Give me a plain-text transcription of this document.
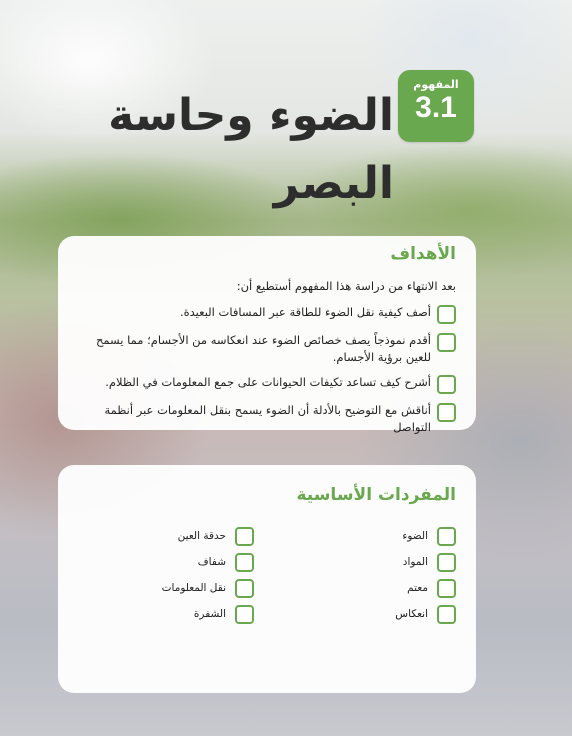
الضوء وحاسة
البصر
المفهوم
3.1
الأهداف
بعد الانتهاء من دراسة هذا المفهوم أستطيع أن:
أصف كيفية نقل الضوء للطاقة عبر المسافات البعيدة.
أقدم نموذجاً يصف خصائص الضوء عند انعكاسه من الأجسام؛ مما يسمح للعين برؤية الأجسام.
أشرح كيف تساعد تكيفات الحيوانات على جمع المعلومات في الظلام.
أناقش مع التوضيح بالأدلة أن الضوء يسمح بنقل المعلومات عبر أنظمة التواصل
المفردات الأساسية
الضوء
المواد
معتم
انعكاس
حدقة العين
شفاف
نقل المعلومات
الشفرة
